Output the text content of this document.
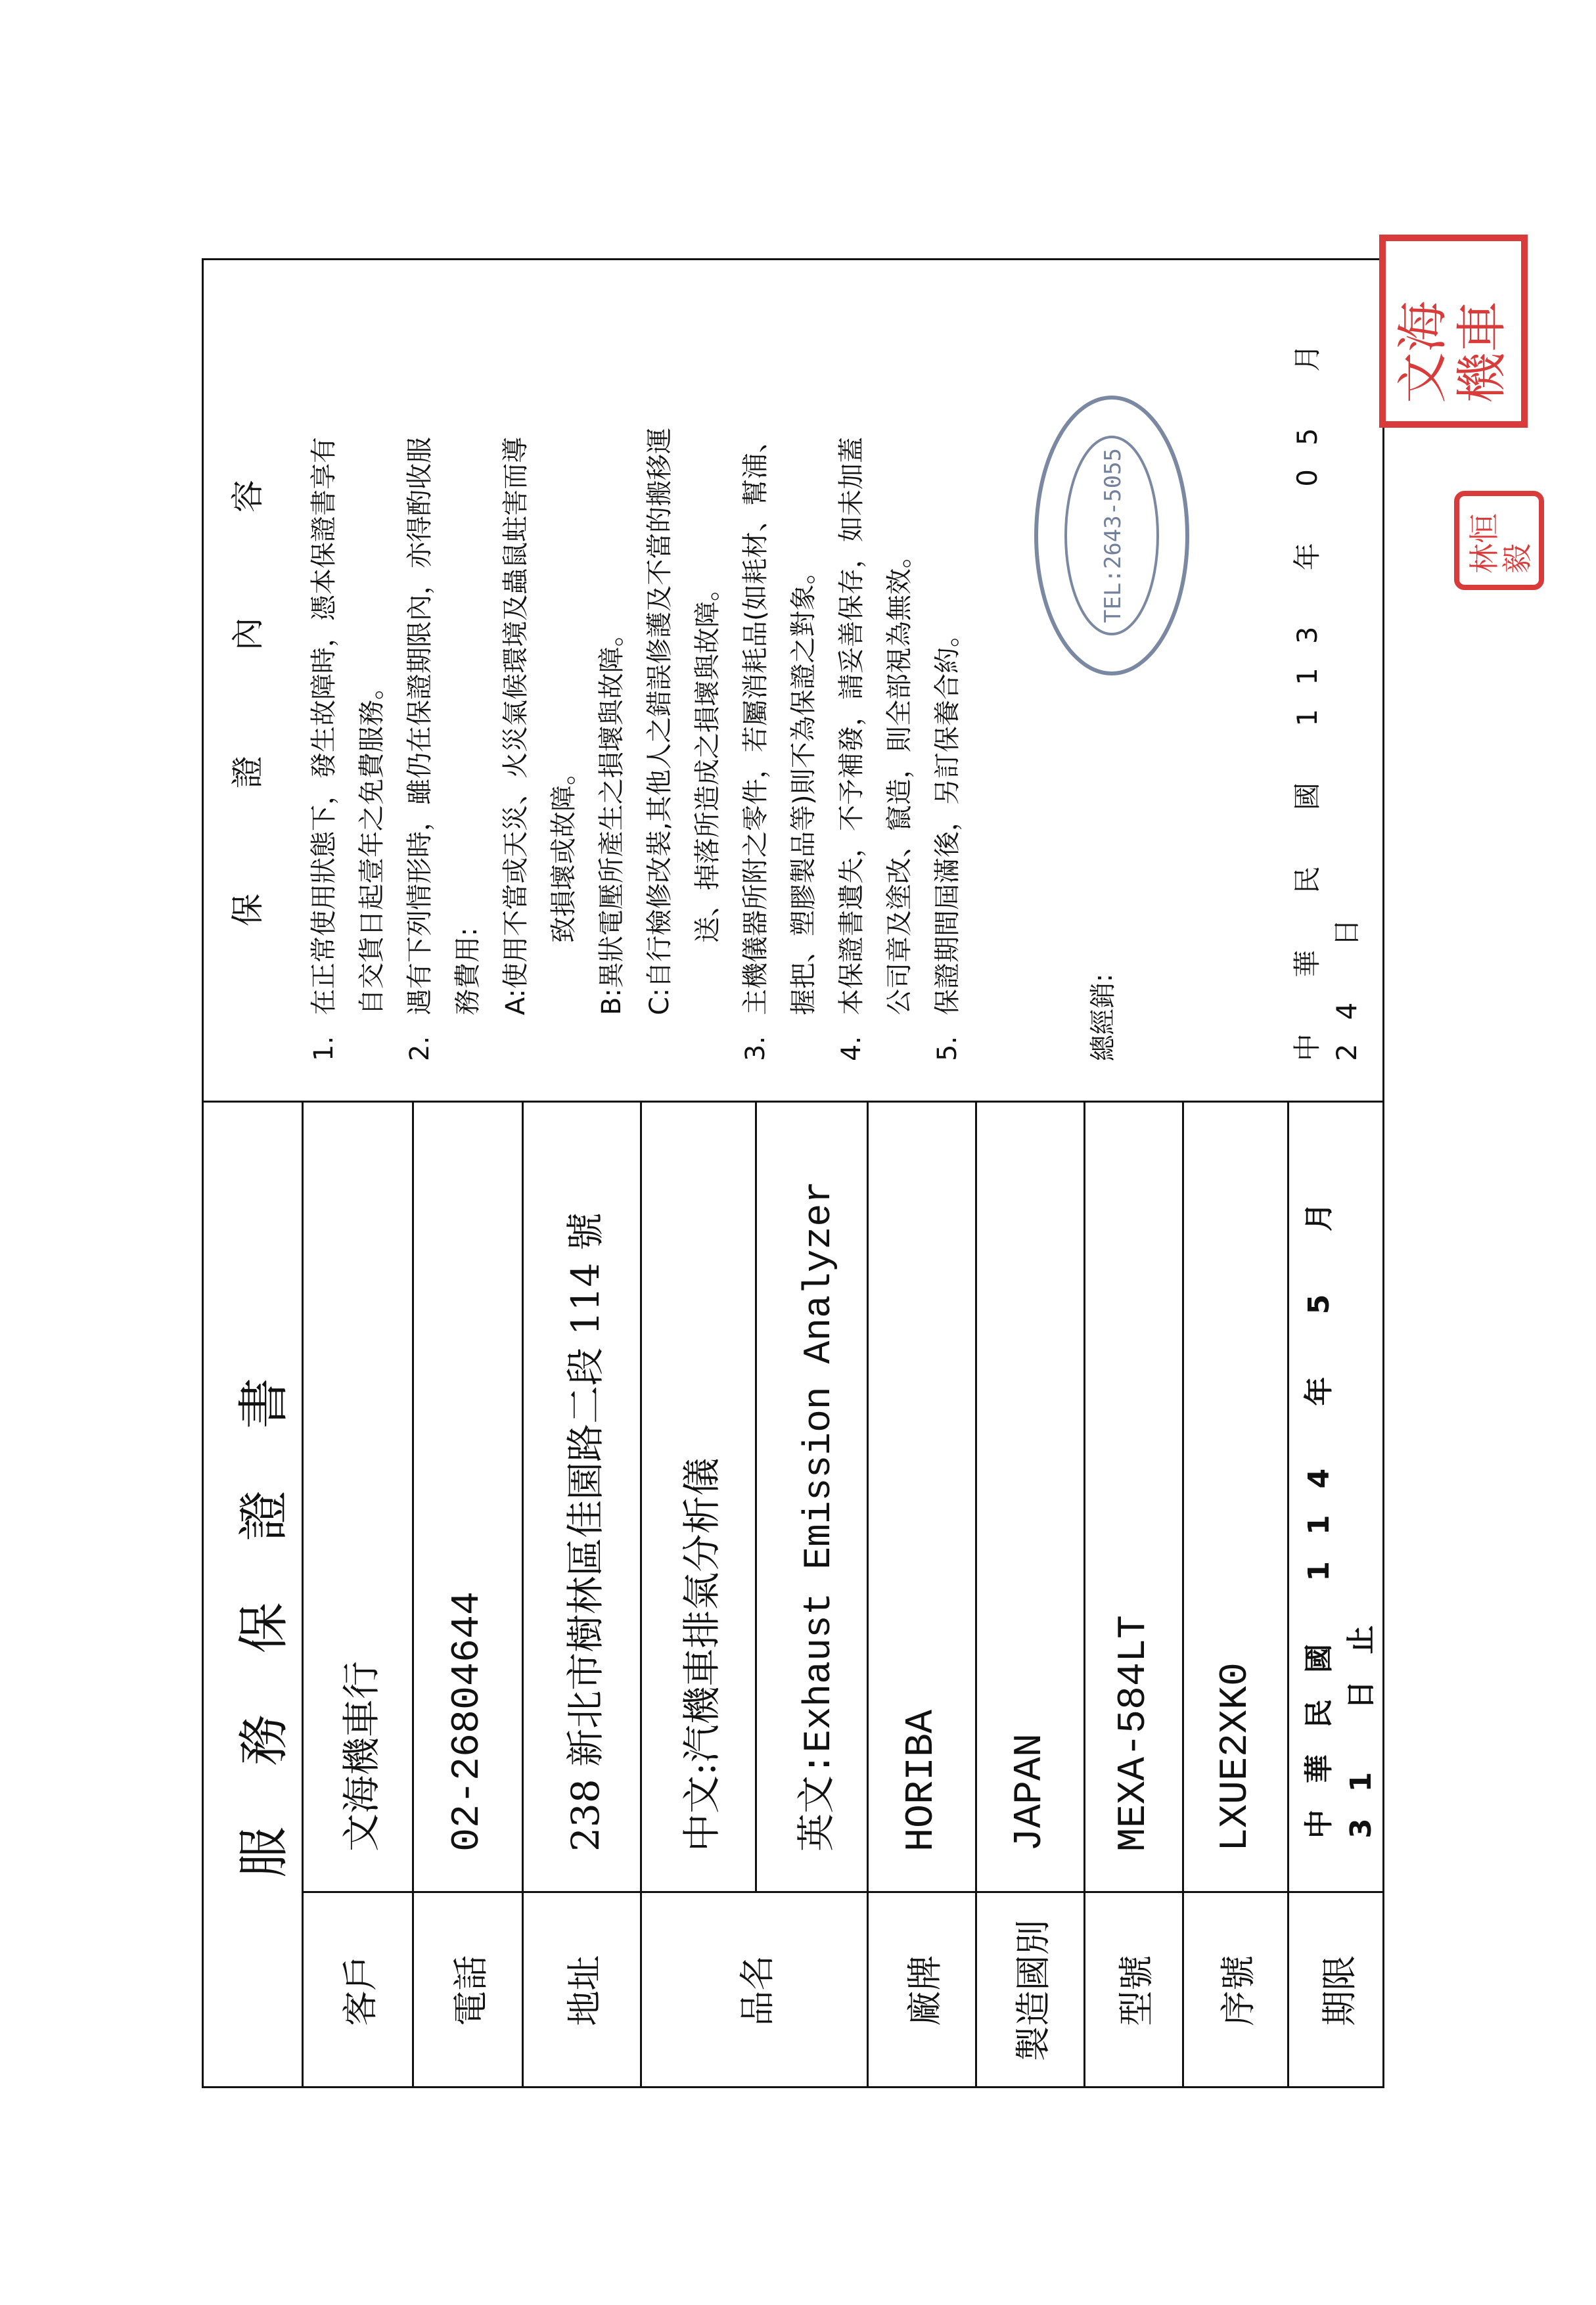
服 務 保 證 書
客戶
文海機車行
電話
02-26804644
地址
238 新北市樹林區佳園路二段 114 號
品名
中文:汽機車排氣分析儀	英文:Exhaust Emission Analyzer
廠牌
HORIBA
製造國別
JAPAN
型號
MEXA-584LT
序號
LXUE2XK0
期限
中華民國 114 年 5 月 31 日止
保 證 內 容
1.
在正常使用狀態下，發生故障時，憑本保證書享有 自交貨日起壹年之免費服務。
2.
遇有下列情形時，雖仍在保證期限內，亦得酌收服 務費用: A:使用不當或天災、火災氣候環境及蟲鼠蛀害而導 致損壞或故障。 B:異狀電壓所產生之損壞與故障。 C:自行檢修改裝,其他人之錯誤修護及不當的搬移運 送、掉落所造成之損壞與故障。
3.
主機儀器所附之零件，若屬消耗品(如耗材、幫浦、 握把、塑膠製品等)則不為保證之對象。
4.
本保證書遺失，不予補發，請妥善保存，如未加蓋 公司章及塗改、竄造，則全部視為無效。
5.
保證期間屆滿後，另訂保養合約。
總經銷:
TEL:2643-5055	中 華 民 國 113 年 05 月 24 日
文海 機車
林恒
毅
